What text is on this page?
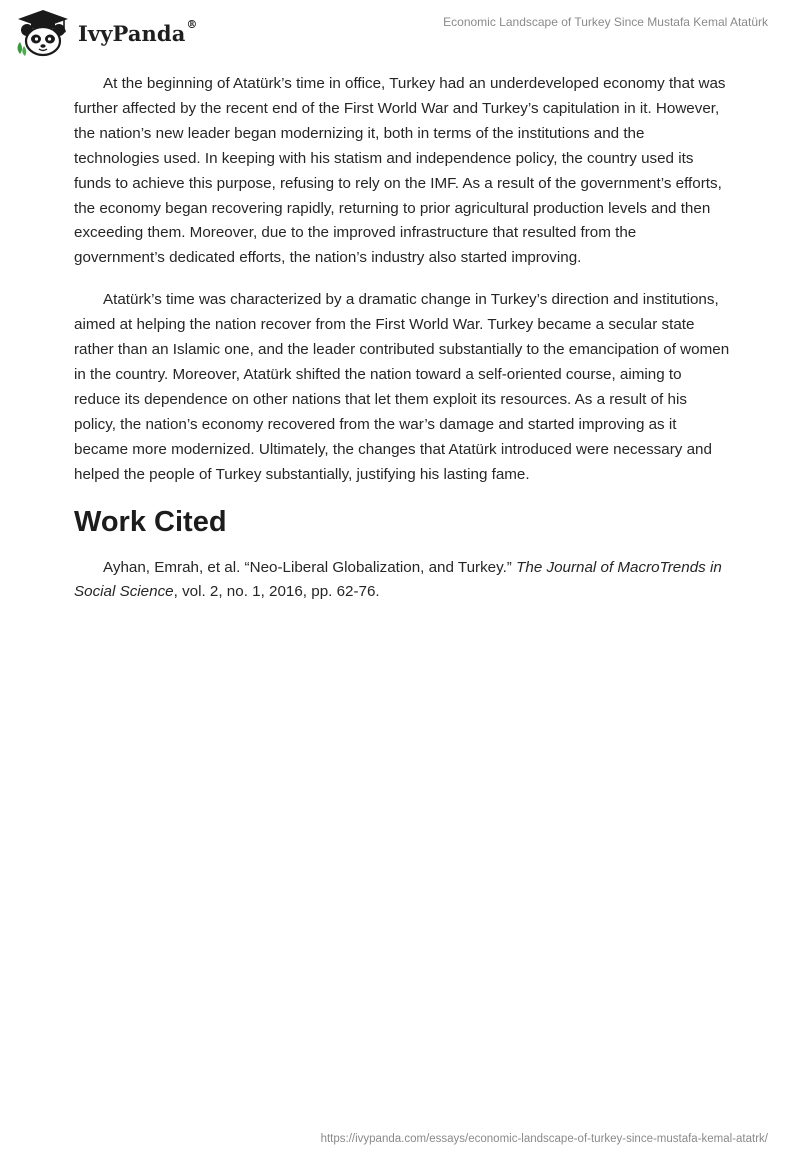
IvyPanda®	Economic Landscape of Turkey Since Mustafa Kemal Atatürk

At the beginning of Atatürk’s time in office, Turkey had an underdeveloped economy that was further affected by the recent end of the First World War and Turkey’s capitulation in it. However, the nation’s new leader began modernizing it, both in terms of the institutions and the technologies used. In keeping with his statism and independence policy, the country used its funds to achieve this purpose, refusing to rely on the IMF. As a result of the government’s efforts, the economy began recovering rapidly, returning to prior agricultural production levels and then exceeding them. Moreover, due to the improved infrastructure that resulted from the government’s dedicated efforts, the nation’s industry also started improving.

Atatürk’s time was characterized by a dramatic change in Turkey’s direction and institutions, aimed at helping the nation recover from the First World War. Turkey became a secular state rather than an Islamic one, and the leader contributed substantially to the emancipation of women in the country. Moreover, Atatürk shifted the nation toward a self-oriented course, aiming to reduce its dependence on other nations that let them exploit its resources. As a result of his policy, the nation’s economy recovered from the war’s damage and started improving as it became more modernized. Ultimately, the changes that Atatürk introduced were necessary and helped the people of Turkey substantially, justifying his lasting fame.

Work Cited

Ayhan, Emrah, et al. “Neo-Liberal Globalization, and Turkey.” The Journal of MacroTrends in Social Science, vol. 2, no. 1, 2016, pp. 62-76.

https://ivypanda.com/essays/economic-landscape-of-turkey-since-mustafa-kemal-atatrk/
